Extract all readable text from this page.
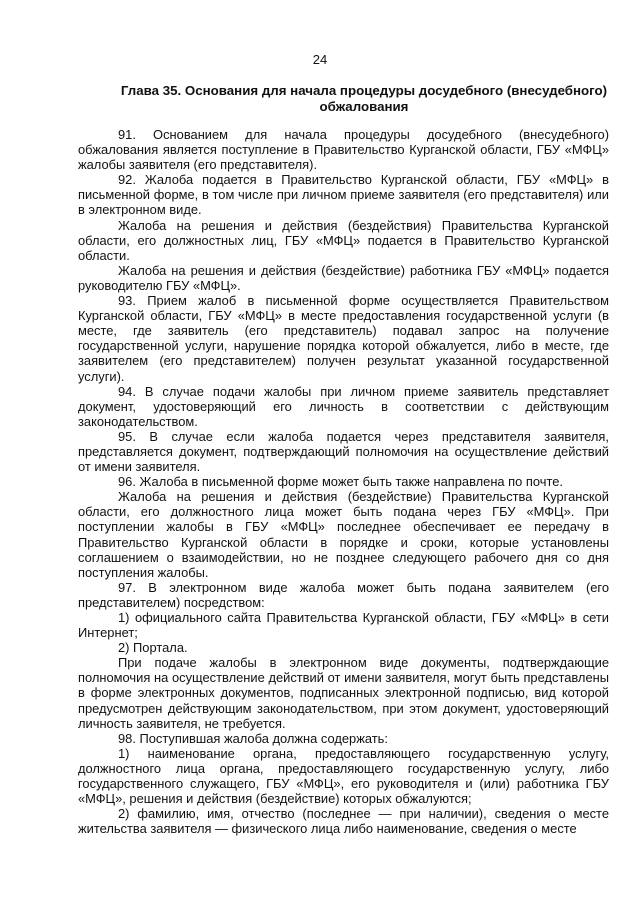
24
Глава 35. Основания для начала процедуры досудебного (внесудебного) обжалования

91. Основанием для начала процедуры досудебного (внесудебного) обжалования является поступление в Правительство Курганской области, ГБУ «МФЦ» жалобы заявителя (его представителя).

92. Жалоба подается в Правительство Курганской области, ГБУ «МФЦ» в письменной форме, в том числе при личном приеме заявителя (его представителя) или в электронном виде.

Жалоба на решения и действия (бездействия) Правительства Курганской области, его должностных лиц, ГБУ «МФЦ» подается в Правительство Курганской области.

Жалоба на решения и действия (бездействие) работника ГБУ «МФЦ» подается руководителю ГБУ «МФЦ».

93. Прием жалоб в письменной форме осуществляется Правительством Курганской области, ГБУ «МФЦ» в месте предоставления государственной услуги (в месте, где заявитель (его представитель) подавал запрос на получение государственной услуги, нарушение порядка которой обжалуется, либо в месте, где заявителем (его представителем) получен результат указанной государственной услуги).

94. В случае подачи жалобы при личном приеме заявитель представляет документ, удостоверяющий его личность в соответствии с действующим законодательством.

95. В случае если жалоба подается через представителя заявителя, представляется документ, подтверждающий полномочия на осуществление действий от имени заявителя.

96. Жалоба в письменной форме может быть также направлена по почте.

Жалоба на решения и действия (бездействие) Правительства Курганской области, его должностного лица может быть подана через ГБУ «МФЦ». При поступлении жалобы в ГБУ «МФЦ» последнее обеспечивает ее передачу в Правительство Курганской области в порядке и сроки, которые установлены соглашением о взаимодействии, но не позднее следующего рабочего дня со дня поступления жалобы.

97. В электронном виде жалоба может быть подана заявителем (его представителем) посредством:

1) официального сайта Правительства Курганской области, ГБУ «МФЦ» в сети Интернет;

2) Портала.

При подаче жалобы в электронном виде документы, подтверждающие полномочия на осуществление действий от имени заявителя, могут быть представлены в форме электронных документов, подписанных электронной подписью, вид которой предусмотрен действующим законодательством, при этом документ, удостоверяющий личность заявителя, не требуется.

98. Поступившая жалоба должна содержать:

1) наименование органа, предоставляющего государственную услугу, должностного лица органа, предоставляющего государственную услугу, либо государственного служащего, ГБУ «МФЦ», его руководителя и (или) работника ГБУ «МФЦ», решения и действия (бездействие) которых обжалуются;

2) фамилию, имя, отчество (последнее — при наличии), сведения о месте жительства заявителя — физического лица либо наименование, сведения о месте
